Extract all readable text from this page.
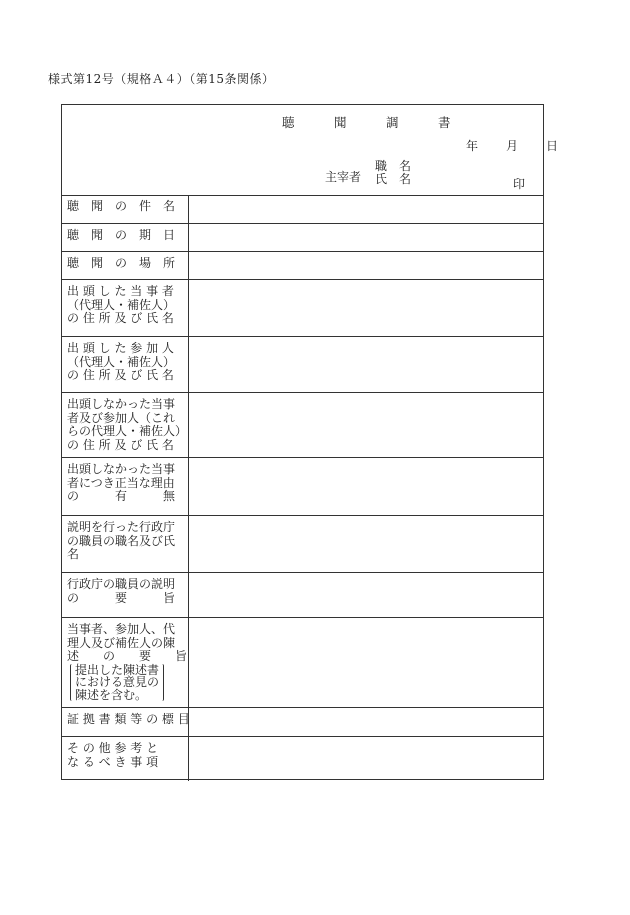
様式第12号（規格Ａ４）（第15条関係）
聴	聞	調	書
年	月	日
主宰者
職　名
氏　名	印
聴　聞　の　件　名
聴　聞　の　期　日
聴　聞　の　場　所
出 頭 し た 当 事 者
（代理人・補佐人）
の 住 所 及 び 氏 名
出 頭 し た 参 加 人
（代理人・補佐人）
の 住 所 及 び 氏 名
出頭しなかった当事
者及び参加人（これ
らの代理人・補佐人）
の 住 所 及 び 氏 名
出頭しなかった当事
者につき正当な理由
の　　　有　　　無
説明を行った行政庁
の職員の職名及び氏
名
行政庁の職員の説明
の　　　要　　　旨
当事者、参加人、代
理人及び補佐人の陳
述　　の　　要　　旨
提出した陳述書
における意見の
陳述を含む。
証 拠 書 類 等 の 標 目
そ の 他 参 考 と
な る べ き 事 項
